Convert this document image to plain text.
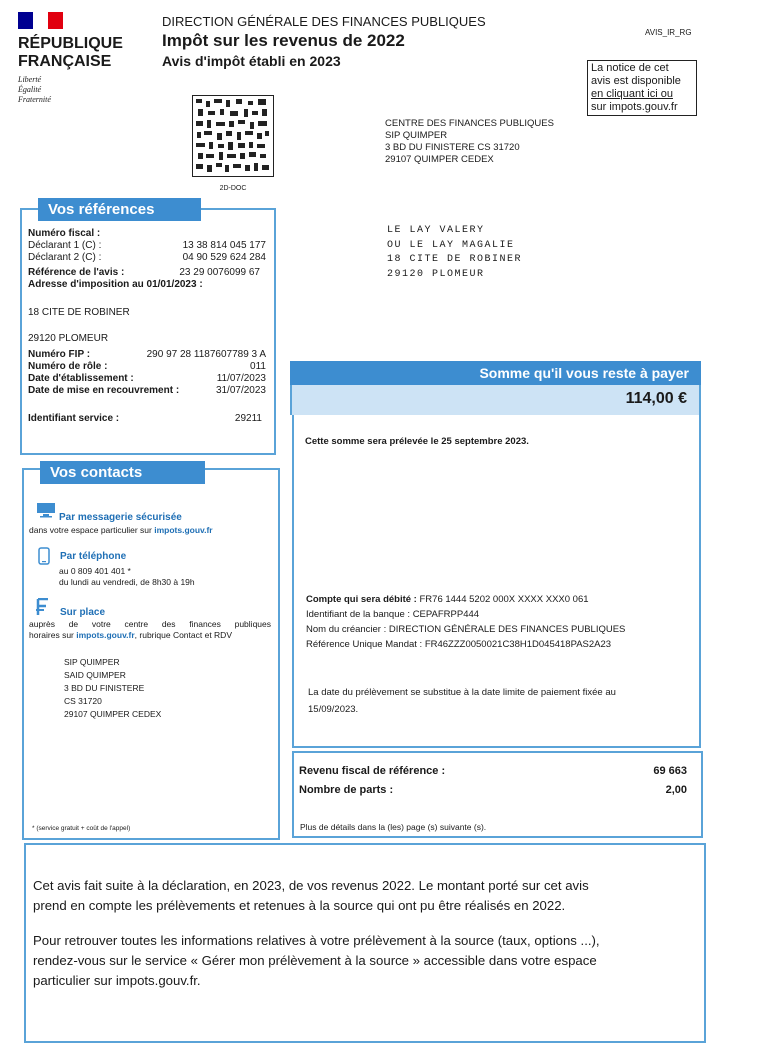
RÉPUBLIQUE
FRANÇAISE
Liberté
Égalité
Fraternité
DIRECTION GÉNÉRALE DES FINANCES PUBLIQUES
Impôt sur les revenus de 2022
Avis d'impôt établi en 2023
AVIS_IR_RG
La notice de cet
avis est disponible
en cliquant ici ou
sur impots.gouv.fr
2D-DOC
CENTRE DES FINANCES PUBLIQUES
SIP QUIMPER
3 BD DU FINISTERE CS 31720
29107 QUIMPER CEDEX
LE LAY VALERY
OU LE LAY MAGALIE
18 CITE DE ROBINER
29120 PLOMEUR
Vos références
Numéro fiscal :
Déclarant 1 (C) :	13 38 814 045 177
Déclarant 2 (C) :	04 90 529 624 284
Référence de l'avis :	23 29 0076099 67
Adresse d'imposition au 01/01/2023 :
18 CITE DE ROBINER
29120 PLOMEUR
Numéro FIP :	290 97 28 1187607789 3 A
Numéro de rôle :	011
Date d'établissement :	11/07/2023
Date de mise en recouvrement :	31/07/2023
Identifiant service :	29211
Vos contacts
Par messagerie sécurisée
dans votre espace particulier sur impots.gouv.fr
Par téléphone
au 0 809 401 401 *
du lundi au vendredi, de 8h30 à 19h
Sur place
auprès de votre centre des finances publiques
horaires sur impots.gouv.fr, rubrique Contact et RDV
SIP QUIMPER
SAID QUIMPER
3 BD DU FINISTERE
CS 31720
29107 QUIMPER CEDEX
* (service gratuit + coût de l'appel)
Somme qu'il vous reste à payer
114,00 €
Cette somme sera prélevée le 25 septembre 2023.
Compte qui sera débité : FR76 1444 5202 000X XXXX XXX0 061
Identifiant de la banque : CEPAFRPP444
Nom du créancier : DIRECTION GÉNÉRALE DES FINANCES PUBLIQUES
Référence Unique Mandat : FR46ZZZ0050021C38H1D045418PAS2A23
La date du prélèvement se substitue à la date limite de paiement fixée au
15/09/2023.
Revenu fiscal de référence :	69 663
Nombre de parts :	2,00
Plus de détails dans la (les) page (s) suivante (s).
Cet avis fait suite à la déclaration, en 2023, de vos revenus 2022. Le montant porté sur cet avis
prend en compte les prélèvements et retenues à la source qui ont pu être réalisés en 2022.
Pour retrouver toutes les informations relatives à votre prélèvement à la source (taux, options ...),
rendez-vous sur le service « Gérer mon prélèvement à la source » accessible dans votre espace
particulier sur impots.gouv.fr.
